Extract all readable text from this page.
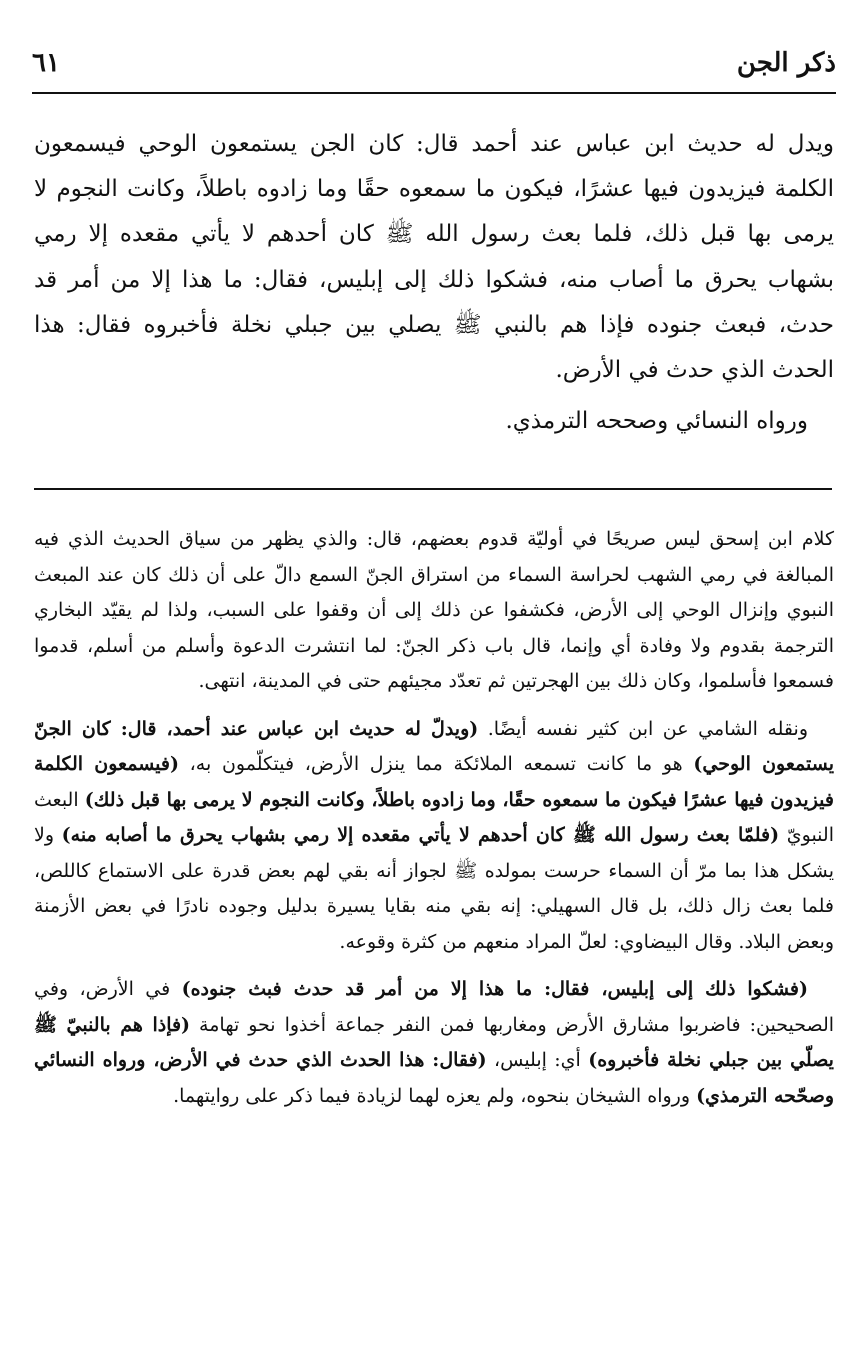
ذكر الجن
٦١

ويدل له حديث ابن عباس عند أحمد قال: كان الجن يستمعون الوحي فيسمعون الكلمة فيزيدون فيها عشرًا، فيكون ما سمعوه حقًا وما زادوه باطلاً، وكانت النجوم لا يرمى بها قبل ذلك، فلما بعث رسول الله ﷺ كان أحدهم لا يأتي مقعده إلا رمي بشهاب يحرق ما أصاب منه، فشكوا ذلك إلى إبليس، فقال: ما هذا إلا من أمر قد حدث، فبعث جنوده فإذا هم بالنبي ﷺ يصلي بين جبلي نخلة فأخبروه فقال: هذا الحدث الذي حدث في الأرض.

ورواه النسائي وصححه الترمذي.

كلام ابن إسحق ليس صريحًا في أوليّة قدوم بعضهم، قال: والذي يظهر من سياق الحديث الذي فيه المبالغة في رمي الشهب لحراسة السماء من استراق الجنّ السمع دالّ على أن ذلك كان عند المبعث النبوي وإنزال الوحي إلى الأرض، فكشفوا عن ذلك إلى أن وقفوا على السبب، ولذا لم يقيّد البخاري الترجمة بقدوم ولا وفادة أي وإنما، قال باب ذكر الجنّ: لما انتشرت الدعوة وأسلم من أسلم، قدموا فسمعوا فأسلموا، وكان ذلك بين الهجرتين ثم تعدّد مجيئهم حتى في المدينة، انتهى.

ونقله الشامي عن ابن كثير نفسه أيضًا. (ويدلّ له حديث ابن عباس عند أحمد، قال: كان الجنّ يستمعون الوحي) هو ما كانت تسمعه الملائكة مما ينزل الأرض، فيتكلّمون به، (فيسمعون الكلمة فيزيدون فيها عشرًا فيكون ما سمعوه حقًا، وما زادوه باطلاً، وكانت النجوم لا يرمى بها قبل ذلك) البعث النبويّ (فلمّا بعث رسول الله ﷺ كان أحدهم لا يأتي مقعده إلا رمي بشهاب يحرق ما أصابه منه) ولا يشكل هذا بما مرّ أن السماء حرست بمولده ﷺ لجواز أنه بقي لهم بعض قدرة على الاستماع كاللص، فلما بعث زال ذلك، بل قال السهيلي: إنه بقي منه بقايا يسيرة بدليل وجوده نادرًا في بعض الأزمنة وبعض البلاد. وقال البيضاوي: لعلّ المراد منعهم من كثرة وقوعه.

(فشكوا ذلك إلى إبليس، فقال: ما هذا إلا من أمر قد حدث فبث جنوده) في الأرض، وفي الصحيحين: فاضربوا مشارق الأرض ومغاربها فمن النفر جماعة أخذوا نحو تهامة (فإذا هم بالنبيّ ﷺ يصلّي بين جبلي نخلة فأخبروه) أي: إبليس، (فقال: هذا الحدث الذي حدث في الأرض، ورواه النسائي وصحّحه الترمذي) ورواه الشيخان بنحوه، ولم يعزه لهما لزيادة فيما ذكر على روايتهما.
